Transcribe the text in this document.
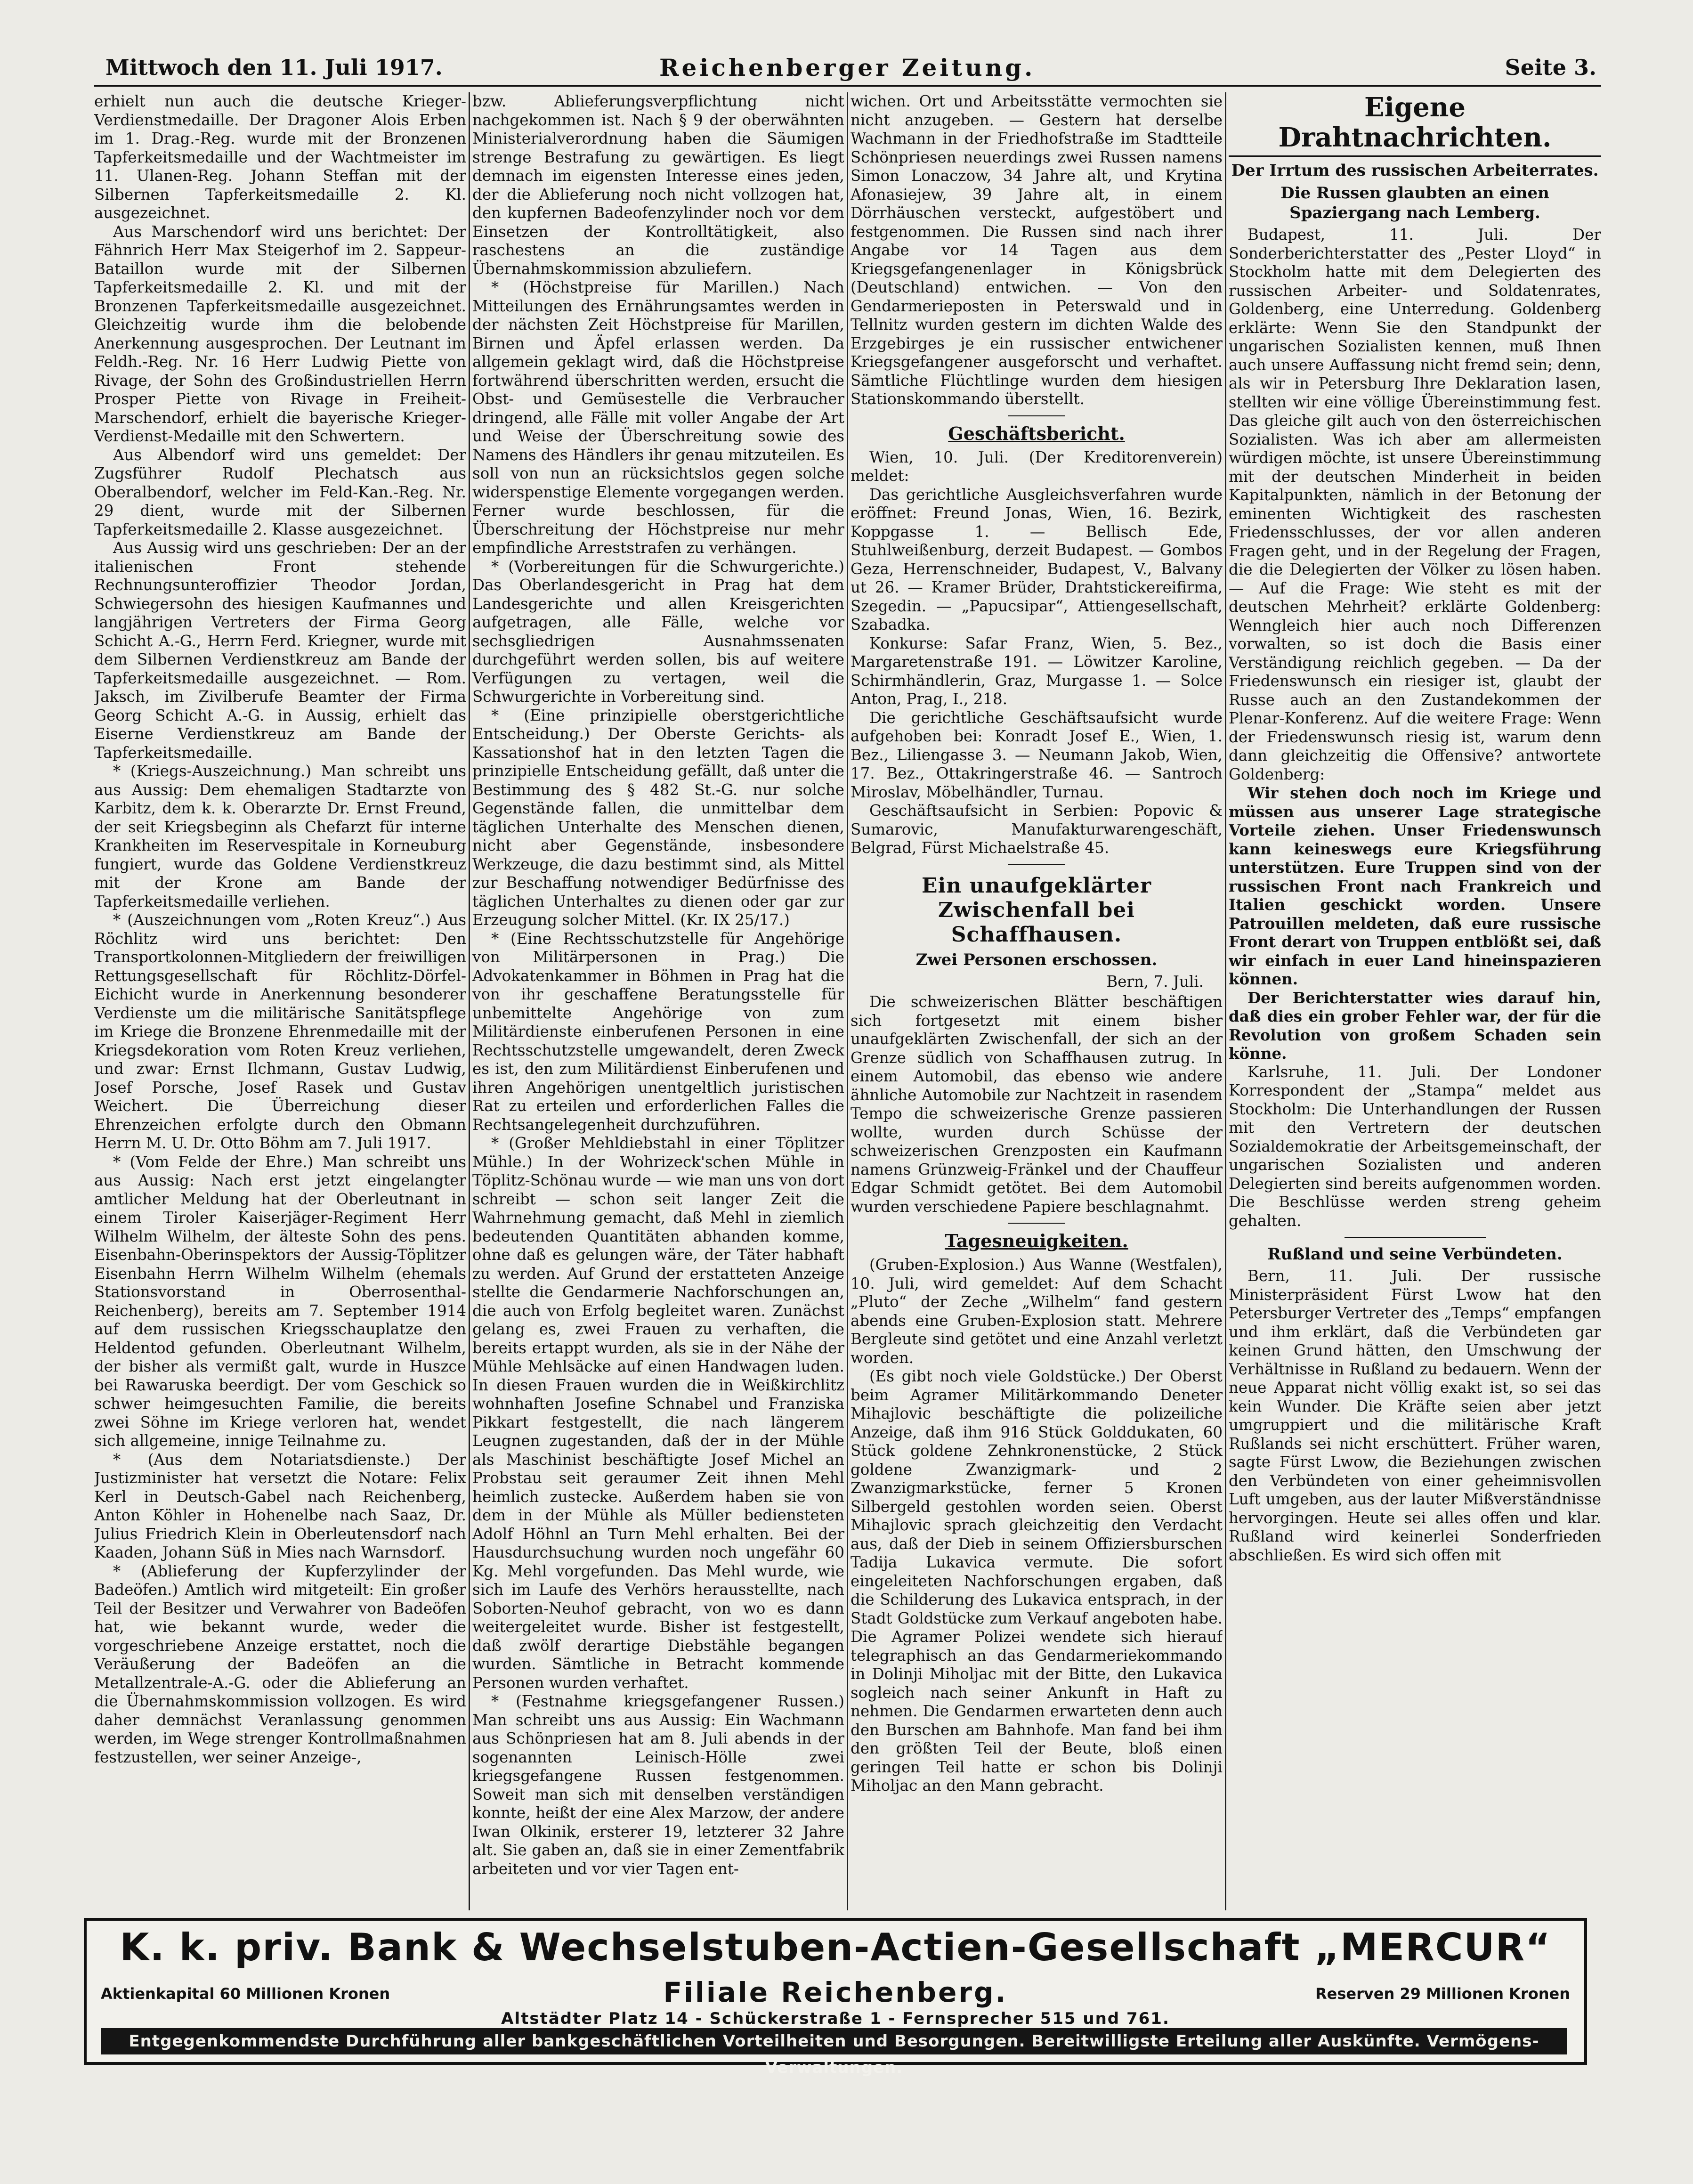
Mittwoch den 11. Juli 1917.	Reichenberger Zeitung.	Seite 3.

erhielt nun auch die deutsche Krieger-Verdienstmedaille. Der Dragoner Alois Erben im 1. Drag.-Reg. wurde mit der Bronzenen Tapferkeitsmedaille und der Wachtmeister im 11. Ulanen-Reg. Johann Steffan mit der Silbernen Tapferkeitsmedaille 2. Kl. ausgezeichnet.

Aus Marschendorf wird uns berichtet: Der Fähnrich Herr Max Steigerhof im 2. Sappeur-Bataillon wurde mit der Silbernen Tapferkeitsmedaille 2. Kl. und mit der Bronzenen Tapferkeitsmedaille ausgezeichnet. Gleichzeitig wurde ihm die belobende Anerkennung ausgesprochen. Der Leutnant im Feldh.-Reg. Nr. 16 Herr Ludwig Piette von Rivage, der Sohn des Großindustriellen Herrn Prosper Piette von Rivage in Freiheit-Marschendorf, erhielt die bayerische Krieger-Verdienst-Medaille mit den Schwertern.

Aus Albendorf wird uns gemeldet: Der Zugsführer Rudolf Plechatsch aus Oberalbendorf, welcher im Feld-Kan.-Reg. Nr. 29 dient, wurde mit der Silbernen Tapferkeitsmedaille 2. Klasse ausgezeichnet.

Aus Aussig wird uns geschrieben: Der an der italienischen Front stehende Rechnungsunteroffizier Theodor Jordan, Schwiegersohn des hiesigen Kaufmannes und langjährigen Vertreters der Firma Georg Schicht A.-G., Herrn Ferd. Kriegner, wurde mit dem Silbernen Verdienstkreuz am Bande der Tapferkeitsmedaille ausgezeichnet. — Rom. Jaksch, im Zivilberufe Beamter der Firma Georg Schicht A.-G. in Aussig, erhielt das Eiserne Verdienstkreuz am Bande der Tapferkeitsmedaille.

* (Kriegs-Auszeichnung.) Man schreibt uns aus Aussig: Dem ehemaligen Stadtarzte von Karbitz, dem k. k. Oberarzte Dr. Ernst Freund, der seit Kriegsbeginn als Chefarzt für interne Krankheiten im Reservespitale in Korneuburg fungiert, wurde das Goldene Verdienstkreuz mit der Krone am Bande der Tapferkeitsmedaille verliehen.

* (Auszeichnungen vom „Roten Kreuz“.) Aus Röchlitz wird uns berichtet: Den Transportkolonnen-Mitgliedern der freiwilligen Rettungsgesellschaft für Röchlitz-Dörfel-Eichicht wurde in Anerkennung besonderer Verdienste um die militärische Sanitätspflege im Kriege die Bronzene Ehrenmedaille mit der Kriegsdekoration vom Roten Kreuz verliehen, und zwar: Ernst Ilchmann, Gustav Ludwig, Josef Porsche, Josef Rasek und Gustav Weichert. Die Überreichung dieser Ehrenzeichen erfolgte durch den Obmann Herrn M. U. Dr. Otto Böhm am 7. Juli 1917.

* (Vom Felde der Ehre.) Man schreibt uns aus Aussig: Nach erst jetzt eingelangter amtlicher Meldung hat der Oberleutnant in einem Tiroler Kaiserjäger-Regiment Herr Wilhelm Wilhelm, der älteste Sohn des pens. Eisenbahn-Oberinspektors der Aussig-Töplitzer Eisenbahn Herrn Wilhelm Wilhelm (ehemals Stationsvorstand in Oberrosenthal-Reichenberg), bereits am 7. September 1914 auf dem russischen Kriegsschauplatze den Heldentod gefunden. Oberleutnant Wilhelm, der bisher als vermißt galt, wurde in Huszce bei Rawaruska beerdigt. Der vom Geschick so schwer heimgesuchten Familie, die bereits zwei Söhne im Kriege verloren hat, wendet sich allgemeine, innige Teilnahme zu.

* (Aus dem Notariatsdienste.) Der Justizminister hat versetzt die Notare: Felix Kerl in Deutsch-Gabel nach Reichenberg, Anton Köhler in Hohenelbe nach Saaz, Dr. Julius Friedrich Klein in Oberleutensdorf nach Kaaden, Johann Süß in Mies nach Warnsdorf.

* (Ablieferung der Kupferzylinder der Badeöfen.) Amtlich wird mitgeteilt: Ein großer Teil der Besitzer und Verwahrer von Badeöfen hat, wie bekannt wurde, weder die vorgeschriebene Anzeige erstattet, noch die Veräußerung der Badeöfen an die Metallzentrale-A.-G. oder die Ablieferung an die Übernahmskommission vollzogen. Es wird daher demnächst Veranlassung genommen werden, im Wege strenger Kontrollmaßnahmen festzustellen, wer seiner Anzeige-,

bzw. Ablieferungsverpflichtung nicht nachgekommen ist. Nach § 9 der oberwähnten Ministerialverordnung haben die Säumigen strenge Bestrafung zu gewärtigen. Es liegt demnach im eigensten Interesse eines jeden, der die Ablieferung noch nicht vollzogen hat, den kupfernen Badeofenzylinder noch vor dem Einsetzen der Kontrolltätigkeit, also raschestens an die zuständige Übernahmskommission abzuliefern.

* (Höchstpreise für Marillen.) Nach Mitteilungen des Ernährungsamtes werden in der nächsten Zeit Höchstpreise für Marillen, Birnen und Äpfel erlassen werden. Da allgemein geklagt wird, daß die Höchstpreise fortwährend überschritten werden, ersucht die Obst- und Gemüsestelle die Verbraucher dringend, alle Fälle mit voller Angabe der Art und Weise der Überschreitung sowie des Namens des Händlers ihr genau mitzuteilen. Es soll von nun an rücksichtslos gegen solche widerspenstige Elemente vorgegangen werden. Ferner wurde beschlossen, für die Überschreitung der Höchstpreise nur mehr empfindliche Arreststrafen zu verhängen.

* (Vorbereitungen für die Schwurgerichte.) Das Oberlandesgericht in Prag hat dem Landesgerichte und allen Kreisgerichten aufgetragen, alle Fälle, welche vor sechsgliedrigen Ausnahmssenaten durchgeführt werden sollen, bis auf weitere Verfügungen zu vertagen, weil die Schwurgerichte in Vorbereitung sind.

* (Eine prinzipielle oberstgerichtliche Entscheidung.) Der Oberste Gerichts- als Kassationshof hat in den letzten Tagen die prinzipielle Entscheidung gefällt, daß unter die Bestimmung des § 482 St.-G. nur solche Gegenstände fallen, die unmittelbar dem täglichen Unterhalte des Menschen dienen, nicht aber Gegenstände, insbesondere Werkzeuge, die dazu bestimmt sind, als Mittel zur Beschaffung notwendiger Bedürfnisse des täglichen Unterhaltes zu dienen oder gar zur Erzeugung solcher Mittel. (Kr. IX 25/17.)

* (Eine Rechtsschutzstelle für Angehörige von Militärpersonen in Prag.) Die Advokatenkammer in Böhmen in Prag hat die von ihr geschaffene Beratungsstelle für unbemittelte Angehörige von zum Militärdienste einberufenen Personen in eine Rechtsschutzstelle umgewandelt, deren Zweck es ist, den zum Militärdienst Einberufenen und ihren Angehörigen unentgeltlich juristischen Rat zu erteilen und erforderlichen Falles die Rechtsangelegenheit durchzuführen.

* (Großer Mehldiebstahl in einer Töplitzer Mühle.) In der Wohrizeck'schen Mühle in Töplitz-Schönau wurde — wie man uns von dort schreibt — schon seit langer Zeit die Wahrnehmung gemacht, daß Mehl in ziemlich bedeutenden Quantitäten abhanden komme, ohne daß es gelungen wäre, der Täter habhaft zu werden. Auf Grund der erstatteten Anzeige stellte die Gendarmerie Nachforschungen an, die auch von Erfolg begleitet waren. Zunächst gelang es, zwei Frauen zu verhaften, die bereits ertappt wurden, als sie in der Nähe der Mühle Mehlsäcke auf einen Handwagen luden. In diesen Frauen wurden die in Weißkirchlitz wohnhaften Josefine Schnabel und Franziska Pikkart festgestellt, die nach längerem Leugnen zugestanden, daß der in der Mühle als Maschinist beschäftigte Josef Michel an Probstau seit geraumer Zeit ihnen Mehl heimlich zustecke. Außerdem haben sie von dem in der Mühle als Müller bediensteten Adolf Höhnl an Turn Mehl erhalten. Bei der Hausdurchsuchung wurden noch ungefähr 60 Kg. Mehl vorgefunden. Das Mehl wurde, wie sich im Laufe des Verhörs herausstellte, nach Soborten-Neuhof gebracht, von wo es dann weitergeleitet wurde. Bisher ist festgestellt, daß zwölf derartige Diebstähle begangen wurden. Sämtliche in Betracht kommende Personen wurden verhaftet.

* (Festnahme kriegsgefangener Russen.) Man schreibt uns aus Aussig: Ein Wachmann aus Schönpriesen hat am 8. Juli abends in der sogenannten Leinisch-Hölle zwei kriegsgefangene Russen festgenommen. Soweit man sich mit denselben verständigen konnte, heißt der eine Alex Marzow, der andere Iwan Olkinik, ersterer 19, letzterer 32 Jahre alt. Sie gaben an, daß sie in einer Zementfabrik arbeiteten und vor vier Tagen ent-

wichen. Ort und Arbeitsstätte vermochten sie nicht anzugeben. — Gestern hat derselbe Wachmann in der Friedhofstraße im Stadtteile Schönpriesen neuerdings zwei Russen namens Simon Lonaczow, 34 Jahre alt, und Krytina Afonasiejew, 39 Jahre alt, in einem Dörrhäuschen versteckt, aufgestöbert und festgenommen. Die Russen sind nach ihrer Angabe vor 14 Tagen aus dem Kriegsgefangenenlager in Königsbrück (Deutschland) entwichen. — Von den Gendarmerieposten in Peterswald und in Tellnitz wurden gestern im dichten Walde des Erzgebirges je ein russischer entwichener Kriegsgefangener ausgeforscht und verhaftet. Sämtliche Flüchtlinge wurden dem hiesigen Stationskommando überstellt.

Geschäftsbericht.

Wien, 10. Juli. (Der Kreditorenverein) meldet:

Das gerichtliche Ausgleichsverfahren wurde eröffnet: Freund Jonas, Wien, 16. Bezirk, Koppgasse 1. — Bellisch Ede, Stuhlweißenburg, derzeit Budapest. — Gombos Geza, Herrenschneider, Budapest, V., Balvany ut 26. — Kramer Brüder, Drahtstickereifirma, Szegedin. — „Papucsipar“, Attiengesellschaft, Szabadka.

Konkurse: Safar Franz, Wien, 5. Bez., Margaretenstraße 191. — Löwitzer Karoline, Schirmhändlerin, Graz, Murgasse 1. — Solce Anton, Prag, I., 218.

Die gerichtliche Geschäftsaufsicht wurde aufgehoben bei: Konradt Josef E., Wien, 1. Bez., Liliengasse 3. — Neumann Jakob, Wien, 17. Bez., Ottakringerstraße 46. — Santroch Miroslav, Möbelhändler, Turnau.

Geschäftsaufsicht in Serbien: Popovic & Sumarovic, Manufakturwarengeschäft, Belgrad, Fürst Michaelstraße 45.

Ein unaufgeklärter Zwischenfall bei Schaffhausen.
Zwei Personen erschossen.
Bern, 7. Juli.

Die schweizerischen Blätter beschäftigen sich fortgesetzt mit einem bisher unaufgeklärten Zwischenfall, der sich an der Grenze südlich von Schaffhausen zutrug. In einem Automobil, das ebenso wie andere ähnliche Automobile zur Nachtzeit in rasendem Tempo die schweizerische Grenze passieren wollte, wurden durch Schüsse der schweizerischen Grenzposten ein Kaufmann namens Grünzweig-Fränkel und der Chauffeur Edgar Schmidt getötet. Bei dem Automobil wurden verschiedene Papiere beschlagnahmt.

Tagesneuigkeiten.

(Gruben-Explosion.) Aus Wanne (Westfalen), 10. Juli, wird gemeldet: Auf dem Schacht „Pluto“ der Zeche „Wilhelm“ fand gestern abends eine Gruben-Explosion statt. Mehrere Bergleute sind getötet und eine Anzahl verletzt worden.

(Es gibt noch viele Goldstücke.) Der Oberst beim Agramer Militärkommando Deneter Mihajlovic beschäftigte die polizeiliche Anzeige, daß ihm 916 Stück Golddukaten, 60 Stück goldene Zehnkronenstücke, 2 Stück goldene Zwanzigmark- und 2 Zwanzigmarkstücke, ferner 5 Kronen Silbergeld gestohlen worden seien. Oberst Mihajlovic sprach gleichzeitig den Verdacht aus, daß der Dieb in seinem Offiziersburschen Tadija Lukavica vermute. Die sofort eingeleiteten Nachforschungen ergaben, daß die Schilderung des Lukavica entsprach, in der Stadt Goldstücke zum Verkauf angeboten habe. Die Agramer Polizei wendete sich hierauf telegraphisch an das Gendarmeriekommando in Dolinji Miholjac mit der Bitte, den Lukavica sogleich nach seiner Ankunft in Haft zu nehmen. Die Gendarmen erwarteten denn auch den Burschen am Bahnhofe. Man fand bei ihm den größten Teil der Beute, bloß einen geringen Teil hatte er schon bis Dolinji Miholjac an den Mann gebracht.

Eigene Drahtnachrichten.
Der Irrtum des russischen Arbeiterrates.
Die Russen glaubten an einen Spaziergang nach Lemberg.

Budapest, 11. Juli. Der Sonderberichterstatter des „Pester Lloyd“ in Stockholm hatte mit dem Delegierten des russischen Arbeiter- und Soldatenrates, Goldenberg, eine Unterredung. Goldenberg erklärte: Wenn Sie den Standpunkt der ungarischen Sozialisten kennen, muß Ihnen auch unsere Auffassung nicht fremd sein; denn, als wir in Petersburg Ihre Deklaration lasen, stellten wir eine völlige Übereinstimmung fest. Das gleiche gilt auch von den österreichischen Sozialisten. Was ich aber am allermeisten würdigen möchte, ist unsere Übereinstimmung mit der deutschen Minderheit in beiden Kapitalpunkten, nämlich in der Betonung der eminenten Wichtigkeit des raschesten Friedensschlusses, der vor allen anderen Fragen geht, und in der Regelung der Fragen, die die Delegierten der Völker zu lösen haben. — Auf die Frage: Wie steht es mit der deutschen Mehrheit? erklärte Goldenberg: Wenngleich hier auch noch Differenzen vorwalten, so ist doch die Basis einer Verständigung reichlich gegeben. — Da der Friedenswunsch ein riesiger ist, glaubt der Russe auch an den Zustandekommen der Plenar-Konferenz. Auf die weitere Frage: Wenn der Friedenswunsch riesig ist, warum denn dann gleichzeitig die Offensive? antwortete Goldenberg:

Wir stehen doch noch im Kriege und müssen aus unserer Lage strategische Vorteile ziehen. Unser Friedenswunsch kann keineswegs eure Kriegsführung unterstützen. Eure Truppen sind von der russischen Front nach Frankreich und Italien geschickt worden. Unsere Patrouillen meldeten, daß eure russische Front derart von Truppen entblößt sei, daß wir einfach in euer Land hineinspazieren können.

Der Berichterstatter wies darauf hin, daß dies ein grober Fehler war, der für die Revolution von großem Schaden sein könne.

Karlsruhe, 11. Juli. Der Londoner Korrespondent der „Stampa“ meldet aus Stockholm: Die Unterhandlungen der Russen mit den Vertretern der deutschen Sozialdemokratie der Arbeitsgemeinschaft, der ungarischen Sozialisten und anderen Delegierten sind bereits aufgenommen worden. Die Beschlüsse werden streng geheim gehalten.

Rußland und seine Verbündeten.

Bern, 11. Juli. Der russische Ministerpräsident Fürst Lwow hat den Petersburger Vertreter des „Temps“ empfangen und ihm erklärt, daß die Verbündeten gar keinen Grund hätten, den Umschwung der Verhältnisse in Rußland zu bedauern. Wenn der neue Apparat nicht völlig exakt ist, so sei das kein Wunder. Die Kräfte seien aber jetzt umgruppiert und die militärische Kraft Rußlands sei nicht erschüttert. Früher waren, sagte Fürst Lwow, die Beziehungen zwischen den Verbündeten von einer geheimnisvollen Luft umgeben, aus der lauter Mißverständnisse hervorgingen. Heute sei alles offen und klar. Rußland wird keinerlei Sonderfrieden abschließen. Es wird sich offen mit

K. k. priv. Bank & Wechselstuben-Actien-Gesellschaft „MERCUR“
Aktienkapital 60 Millionen Kronen	Reserven 29 Millionen Kronen
Filiale Reichenberg.
Altstädter Platz 14 - Schückerstraße 1 - Fernsprecher 515 und 761.
Entgegenkommendste Durchführung aller bankgeschäftlichen Vorteilheiten und Besorgungen. Bereitwilligste Erteilung aller Auskünfte. Vermögens-Verwaltungen.
